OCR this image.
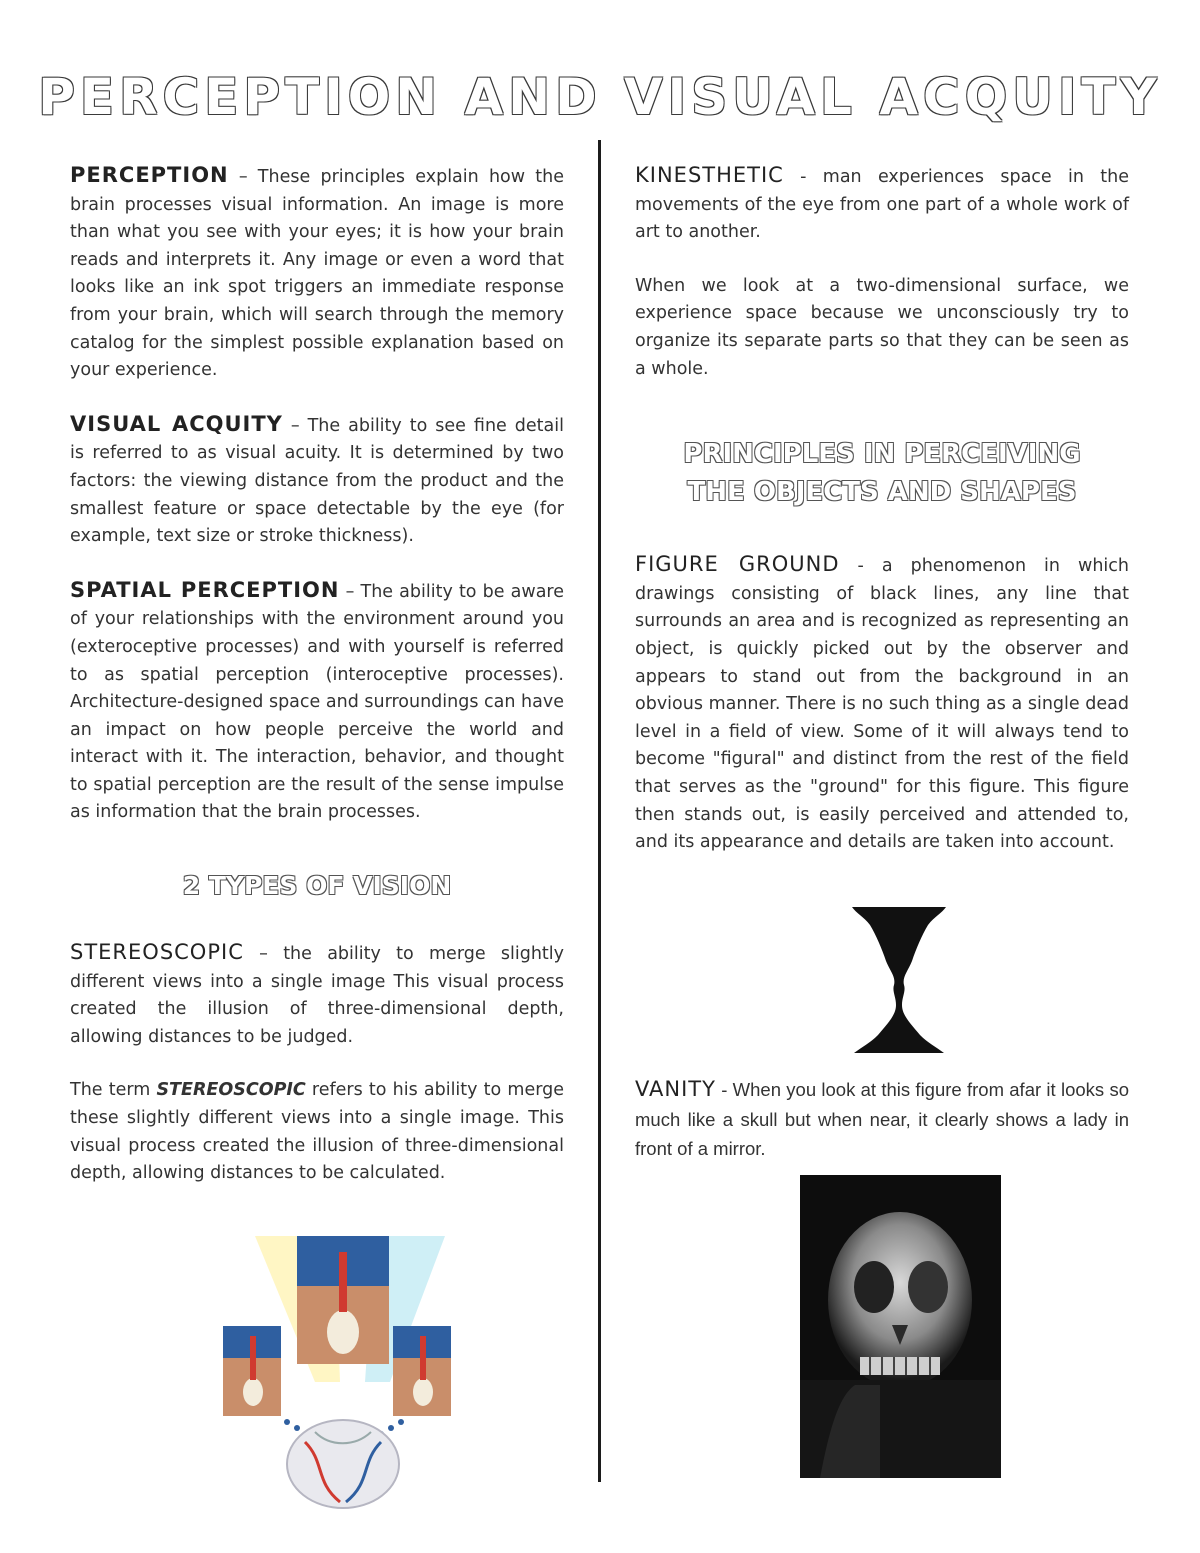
PERCEPTION AND VISUAL ACQUITY

PERCEPTION – These principles explain how the brain processes visual information. An image is more than what you see with your eyes; it is how your brain reads and interprets it. Any image or even a word that looks like an ink spot triggers an immediate response from your brain, which will search through the memory catalog for the simplest possible explanation based on your experience.

VISUAL ACQUITY – The ability to see fine detail is referred to as visual acuity. It is determined by two factors: the viewing distance from the product and the smallest feature or space detectable by the eye (for example, text size or stroke thickness).

SPATIAL PERCEPTION – The ability to be aware of your relationships with the environment around you (exteroceptive processes) and with yourself is referred to as spatial perception (interoceptive processes). Architecture-designed space and surroundings can have an impact on how people perceive the world and interact with it. The interaction, behavior, and thought to spatial perception are the result of the sense impulse as information that the brain processes.

2 TYPES OF VISION

STEREOSCOPIC – the ability to merge slightly different views into a single image This visual process created the illusion of three-dimensional depth, allowing distances to be judged.

The term STEREOSCOPIC refers to his ability to merge these slightly different views into a single image. This visual process created the illusion of three-dimensional depth, allowing distances to be calculated.

KINESTHETIC - man experiences space in the movements of the eye from one part of a whole work of art to another.

When we look at a two-dimensional surface, we experience space because we unconsciously try to organize its separate parts so that they can be seen as a whole.

PRINCIPLES IN PERCEIVING THE OBJECTS AND SHAPES

FIGURE GROUND - a phenomenon in which drawings consisting of black lines, any line that surrounds an area and is recognized as representing an object, is quickly picked out by the observer and appears to stand out from the background in an obvious manner. There is no such thing as a single dead level in a field of view. Some of it will always tend to become "figural" and distinct from the rest of the field that serves as the "ground" for this figure. This figure then stands out, is easily perceived and attended to, and its appearance and details are taken into account.

VANITY - When you look at this figure from afar it looks so much like a skull but when near, it clearly shows a lady in front of a mirror.
